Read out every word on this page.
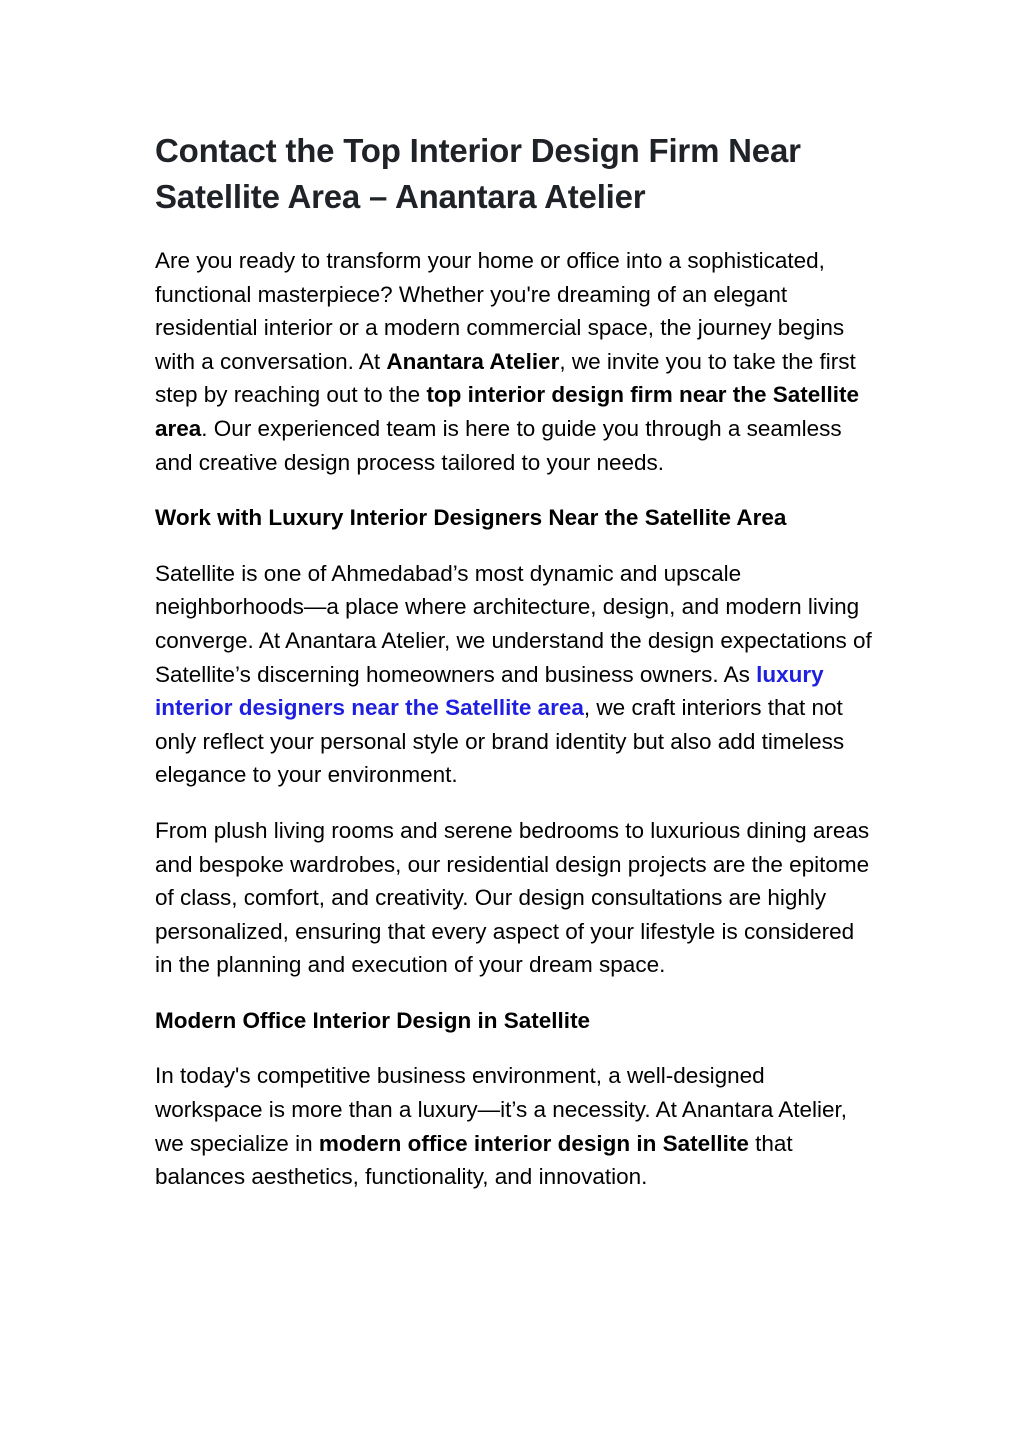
Contact the Top Interior Design Firm Near Satellite Area – Anantara Atelier

Are you ready to transform your home or office into a sophisticated, functional masterpiece? Whether you're dreaming of an elegant residential interior or a modern commercial space, the journey begins with a conversation. At Anantara Atelier, we invite you to take the first step by reaching out to the top interior design firm near the Satellite area. Our experienced team is here to guide you through a seamless and creative design process tailored to your needs.

Work with Luxury Interior Designers Near the Satellite Area

Satellite is one of Ahmedabad’s most dynamic and upscale neighborhoods—a place where architecture, design, and modern living converge. At Anantara Atelier, we understand the design expectations of Satellite’s discerning homeowners and business owners. As luxury interior designers near the Satellite area, we craft interiors that not only reflect your personal style or brand identity but also add timeless elegance to your environment.

From plush living rooms and serene bedrooms to luxurious dining areas and bespoke wardrobes, our residential design projects are the epitome of class, comfort, and creativity. Our design consultations are highly personalized, ensuring that every aspect of your lifestyle is considered in the planning and execution of your dream space.

Modern Office Interior Design in Satellite

In today's competitive business environment, a well-designed workspace is more than a luxury—it’s a necessity. At Anantara Atelier, we specialize in modern office interior design in Satellite that balances aesthetics, functionality, and innovation.
